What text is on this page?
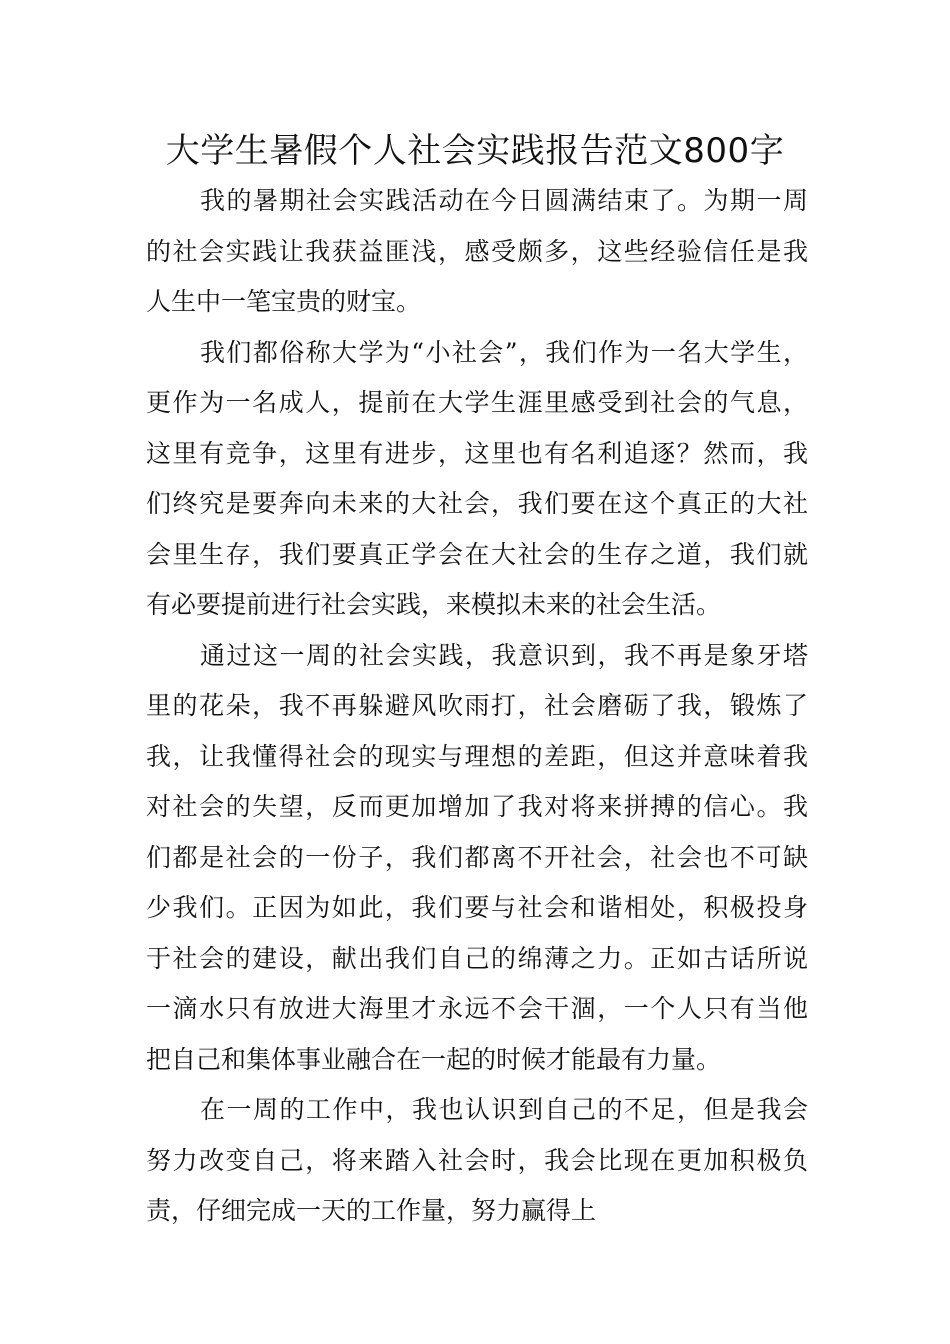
大学生暑假个人社会实践报告范文800字

我的暑期社会实践活动在今日圆满结束了。为期一周
的社会实践让我获益匪浅，感受颇多，这些经验信任是我
人生中一笔宝贵的财宝。

我们都俗称大学为“小社会”，我们作为一名大学生，
更作为一名成人，提前在大学生涯里感受到社会的气息，
这里有竞争，这里有进步，这里也有名利追逐？然而，我
们终究是要奔向未来的大社会，我们要在这个真正的大社
会里生存，我们要真正学会在大社会的生存之道，我们就
有必要提前进行社会实践，来模拟未来的社会生活。

通过这一周的社会实践，我意识到，我不再是象牙塔
里的花朵，我不再躲避风吹雨打，社会磨砺了我，锻炼了
我，让我懂得社会的现实与理想的差距，但这并意味着我
对社会的失望，反而更加增加了我对将来拼搏的信心。我
们都是社会的一份子，我们都离不开社会，社会也不可缺
少我们。正因为如此，我们要与社会和谐相处，积极投身
于社会的建设，献出我们自己的绵薄之力。正如古话所说
一滴水只有放进大海里才永远不会干涸，一个人只有当他
把自己和集体事业融合在一起的时候才能最有力量。

在一周的工作中，我也认识到自己的不足，但是我会
努力改变自己，将来踏入社会时，我会比现在更加积极负
责，仔细完成一天的工作量，努力赢得上
